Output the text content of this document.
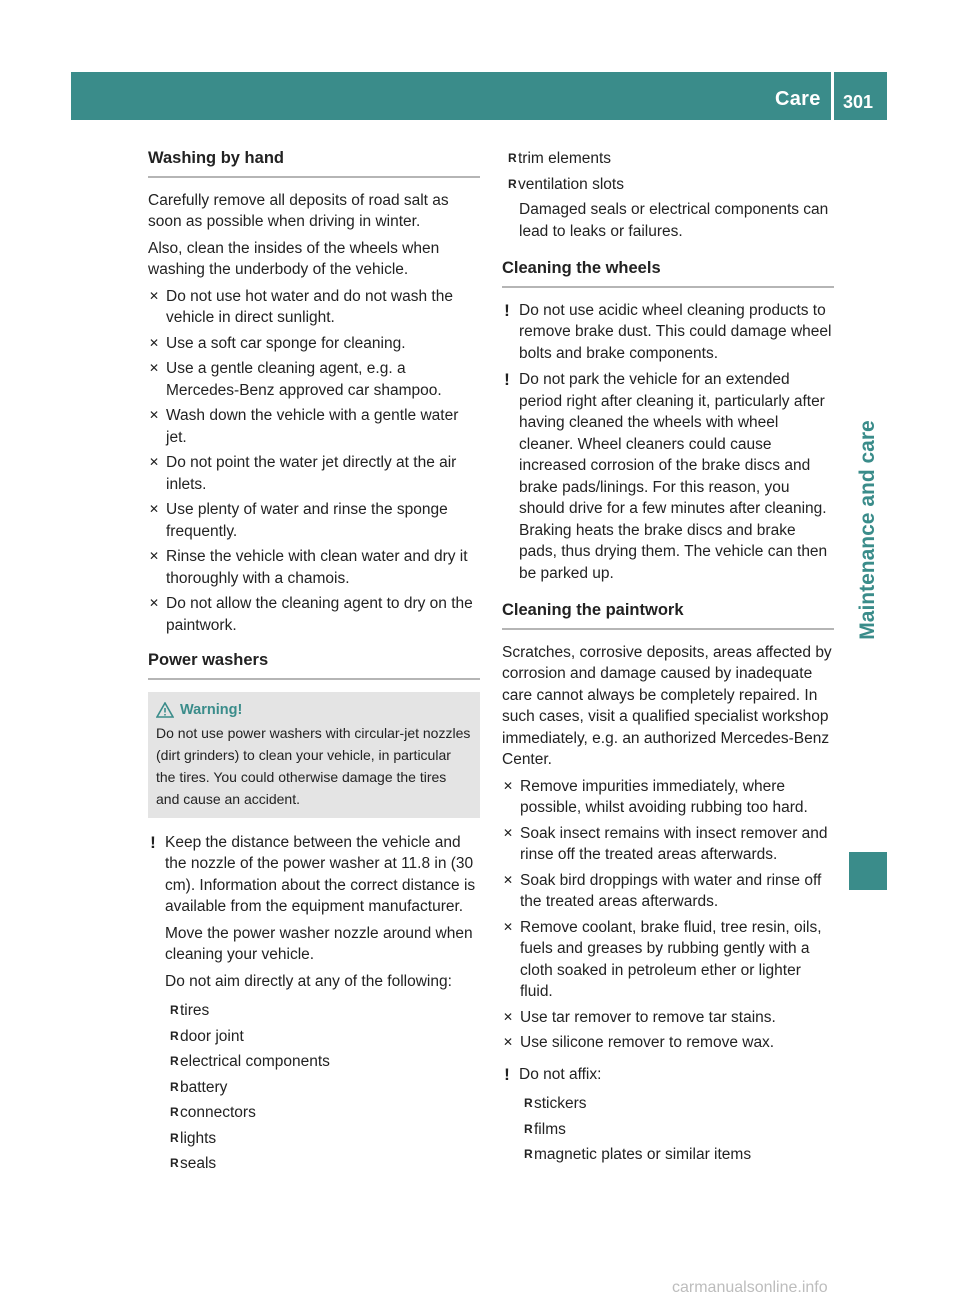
Care 301
Maintenance and care
Washing by hand

Carefully remove all deposits of road salt as soon as possible when driving in winter.

Also, clean the insides of the wheels when washing the underbody of the vehicle.

✕ Do not use hot water and do not wash the vehicle in direct sunlight.
✕ Use a soft car sponge for cleaning.
✕ Use a gentle cleaning agent, e.g. a Mercedes-Benz approved car shampoo.
✕ Wash down the vehicle with a gentle water jet.
✕ Do not point the water jet directly at the air inlets.
✕ Use plenty of water and rinse the sponge frequently.
✕ Rinse the vehicle with clean water and dry it thoroughly with a chamois.
✕ Do not allow the cleaning agent to dry on the paintwork.
Power washers
Warning!
Do not use power washers with circular-jet nozzles (dirt grinders) to clean your vehicle, in particular the tires. You could otherwise damage the tires and cause an accident.
! Keep the distance between the vehicle and the nozzle of the power washer at 11.8 in (30 cm). Information about the correct distance is available from the equipment manufacturer.

Move the power washer nozzle around when cleaning your vehicle.

Do not aim directly at any of the following:

R tires
R door joint
R electrical components
R battery
R connectors
R lights
R seals
R trim elements
R ventilation slots

Damaged seals or electrical components can lead to leaks or failures.

Cleaning the wheels
! Do not use acidic wheel cleaning products to remove brake dust. This could damage wheel bolts and brake components.
! Do not park the vehicle for an extended period right after cleaning it, particularly after having cleaned the wheels with wheel cleaner. Wheel cleaners could cause increased corrosion of the brake discs and brake pads/linings. For this reason, you should drive for a few minutes after cleaning. Braking heats the brake discs and brake pads, thus drying them. The vehicle can then be parked up.
Cleaning the paintwork

Scratches, corrosive deposits, areas affected by corrosion and damage caused by inadequate care cannot always be completely repaired. In such cases, visit a qualified specialist workshop immediately, e.g. an authorized Mercedes-Benz Center.

✕ Remove impurities immediately, where possible, whilst avoiding rubbing too hard.
✕ Soak insect remains with insect remover and rinse off the treated areas afterwards.
✕ Soak bird droppings with water and rinse off the treated areas afterwards.
✕ Remove coolant, brake fluid, tree resin, oils, fuels and greases by rubbing gently with a cloth soaked in petroleum ether or lighter fluid.
✕ Use tar remover to remove tar stains.
✕ Use silicone remover to remove wax.
! Do not affix:
R stickers
R films
R magnetic plates or similar items
carmanualsonline.info
